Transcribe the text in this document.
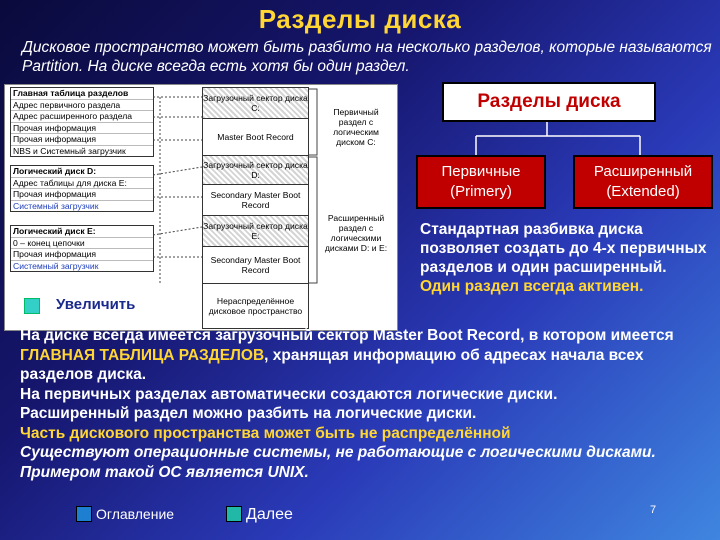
Разделы диска
Дисковое пространство может быть разбито на несколько разделов, которые называются Partition. На диске всегда есть хотя бы один раздел.
Главная таблица разделов
Адрес первичного раздела
Адрес расширенного раздела
Прочая информация
Прочая информация
NBS и Системный загрузчик
Логический диск D:
Адрес таблицы для диска E:
Прочая информация
Системный загрузчик
Логический диск E:
0 – конец цепочки
Прочая информация
Системный загрузчик
Загрузочный сектор диска С:
Master Boot Record
Загрузочный сектор диска D:
Secondary Master Boot Record
Загрузочный сектор диска E:
Secondary Master Boot Record
Нераспределённое дисковое пространство
Первичный раздел с логическим диском С:
Расширенный раздел с логическими дисками D: и E:
Увеличить
Разделы диска
Первичные
(Primery)
Расширенный
(Extended)
Стандартная разбивка диска позволяет создать до 4-х первичных разделов и один расширенный. Один раздел всегда активен.
На диске всегда имеется загрузочный сектор Master Boot Record, в котором имеется ГЛАВНАЯ ТАБЛИЦА РАЗДЕЛОВ, хранящая информацию об адресах начала всех разделов диска.
На первичных разделах автоматически создаются логические диски.
Расширенный раздел можно разбить на логические диски.
Часть дискового пространства может быть не распределённой
Существуют операционные системы, не работающие с логическими дисками. Примером такой ОС является UNIX.
Оглавление	Далее	7
